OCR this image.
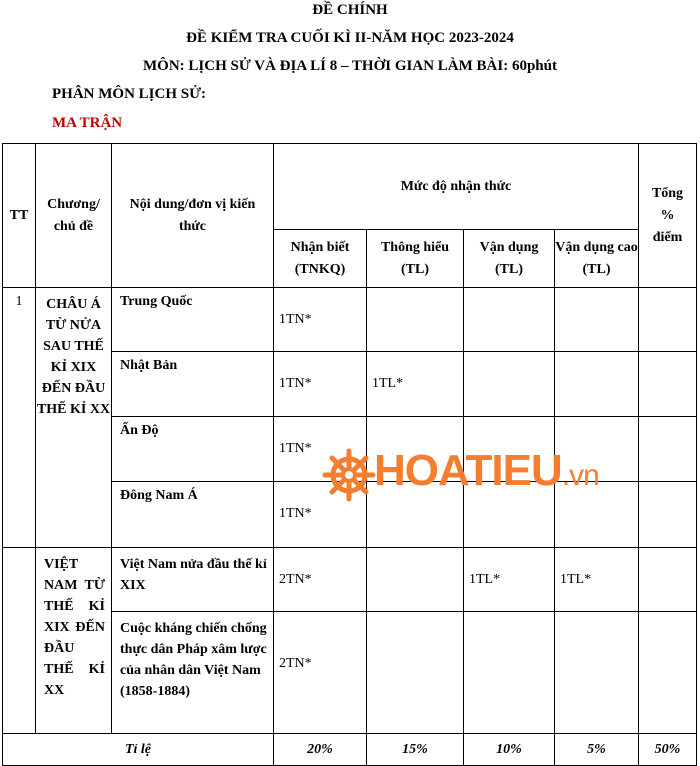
ĐỀ CHÍNH
ĐỀ KIỂM TRA CUỐI KÌ II-NĂM HỌC 2023-2024
MÔN: LỊCH SỬ VÀ ĐỊA LÍ 8 – THỜI GIAN LÀM BÀI: 60phút
PHÂN MÔN LỊCH SỬ:
MA TRẬN
TT	Chương/ chủ đề	Nội dung/đơn vị kiến thức	Mức độ nhận thức				Tổng % điểm
			Nhận biết (TNKQ)	Thông hiểu (TL)	Vận dụng (TL)	Vận dụng cao (TL)	
1	CHÂU Á TỪ NỬA SAU THẾ KỈ XIX ĐẾN ĐẦU THẾ KỈ XX	Trung Quốc	1TN*				
		Nhật Bản	1TN*	1TL*			
		Ấn Độ	1TN*				
		Đông Nam Á	1TN*				
	VIỆT NAM TỪ THẾ KỈ XIX ĐẾN ĐẦU THẾ KỈ XX	Việt Nam nửa đầu thế kỉ XIX	2TN*		1TL*	1TL*	
		Cuộc kháng chiến chống thực dân Pháp xâm lược của nhân dân Việt Nam (1858-1884)	2TN*				
Tỉ lệ			20%	15%	10%	5%	50%
HOATIEU.vn
